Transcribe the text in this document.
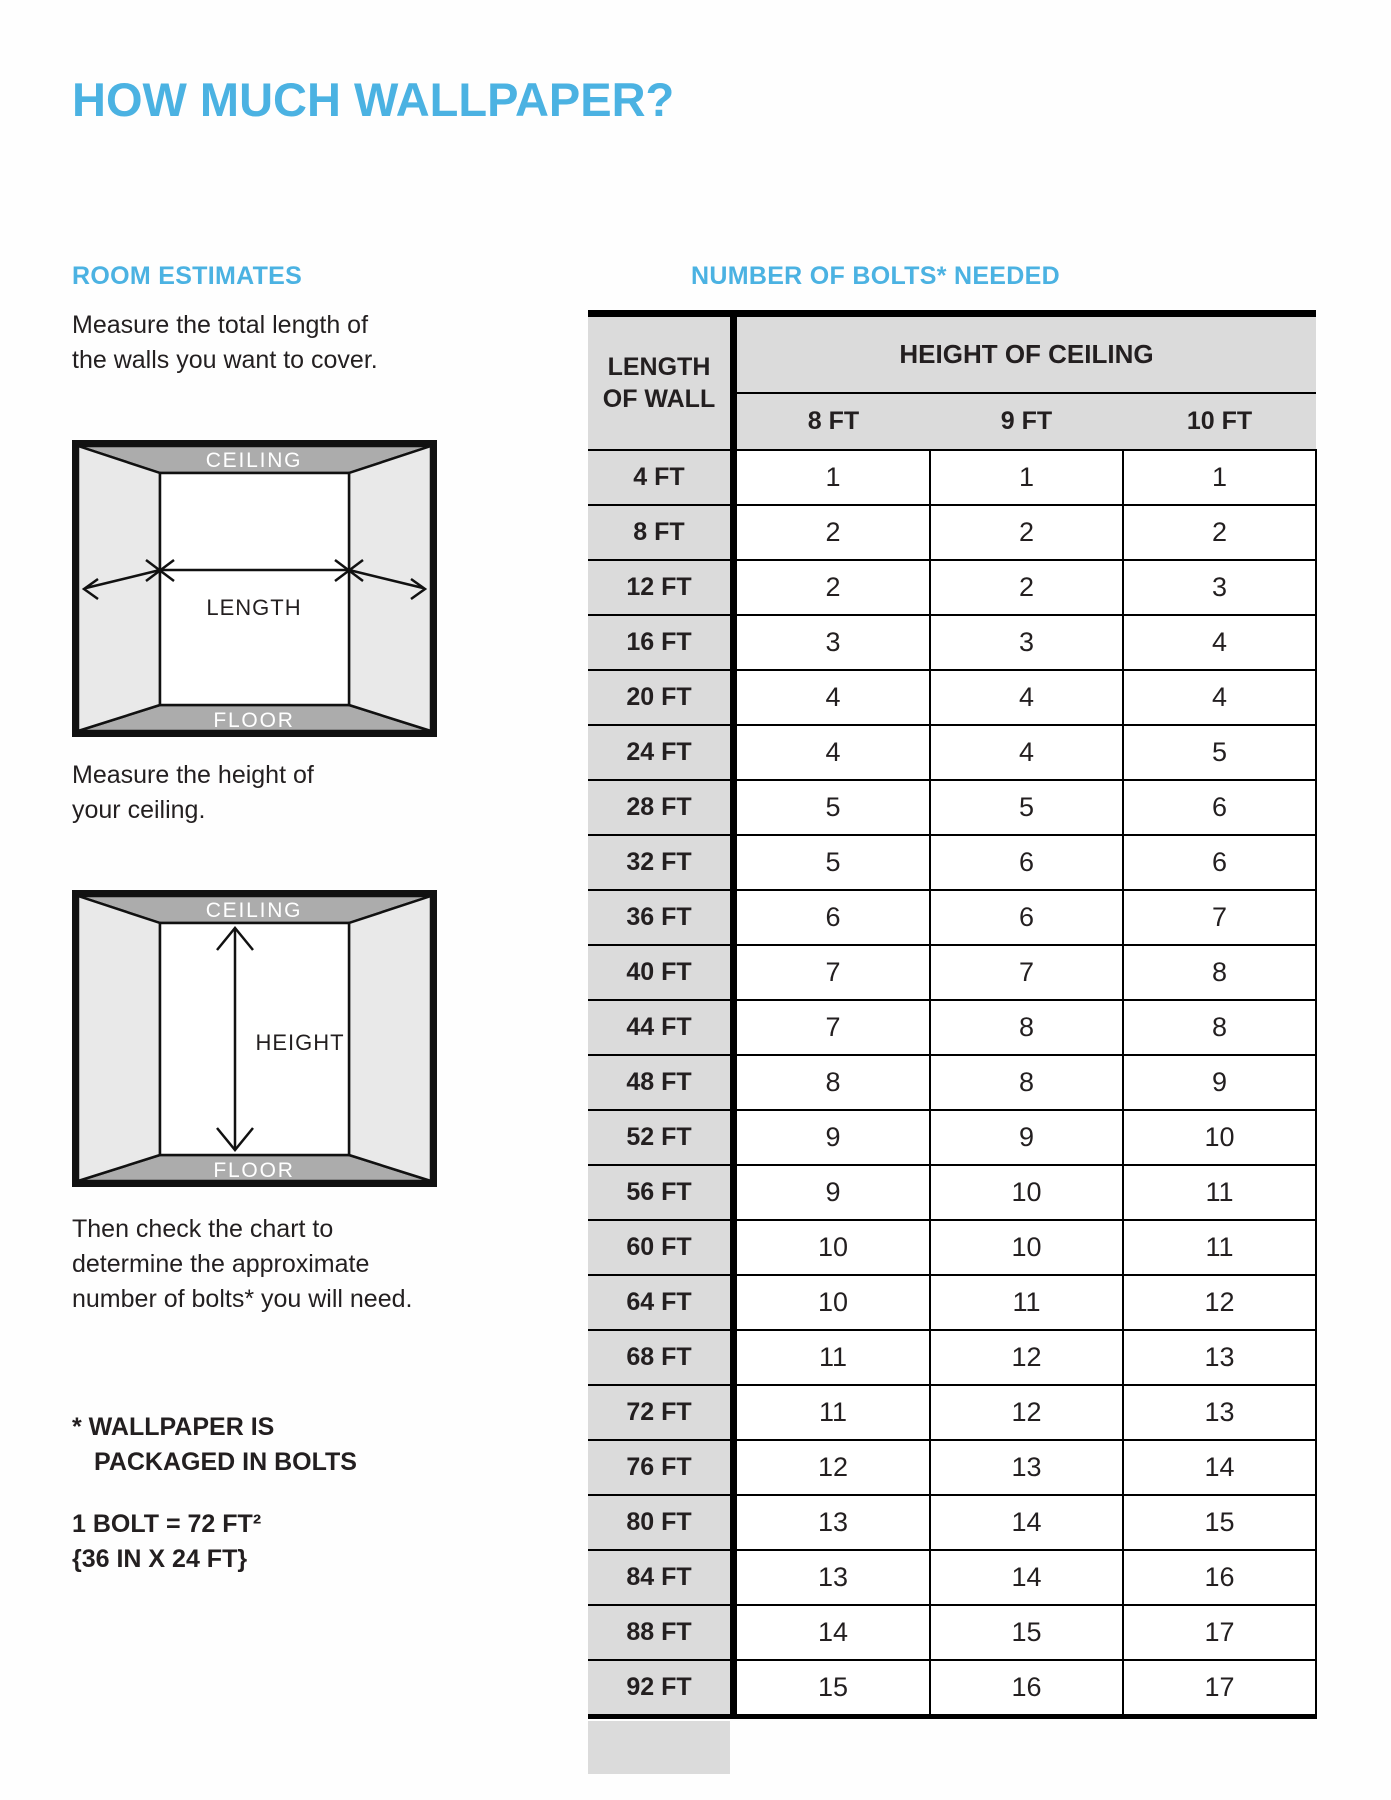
HOW MUCH WALLPAPER?
ROOM ESTIMATES

Measure the total length of
the walls you want to cover.

CEILING
FLOOR
LENGTH

Measure the height of
your ceiling.

CEILING
FLOOR
HEIGHT

Then check the chart to
determine the approximate
number of bolts* you will need.

* WALLPAPER IS
PACKAGED IN BOLTS

1 BOLT = 72 FT²
{36 IN X 24 FT}

NUMBER OF BOLTS* NEEDED
LENGTH
OF WALL	HEIGHT OF CEILING		
	8 FT	9 FT	10 FT
4 FT	1	1	1
8 FT	2	2	2
12 FT	2	2	3
16 FT	3	3	4
20 FT	4	4	4
24 FT	4	4	5
28 FT	5	5	6
32 FT	5	6	6
36 FT	6	6	7
40 FT	7	7	8
44 FT	7	8	8
48 FT	8	8	9
52 FT	9	9	10
56 FT	9	10	11
60 FT	10	10	11
64 FT	10	11	12
68 FT	11	12	13
72 FT	11	12	13
76 FT	12	13	14
80 FT	13	14	15
84 FT	13	14	16
88 FT	14	15	17
92 FT	15	16	17
